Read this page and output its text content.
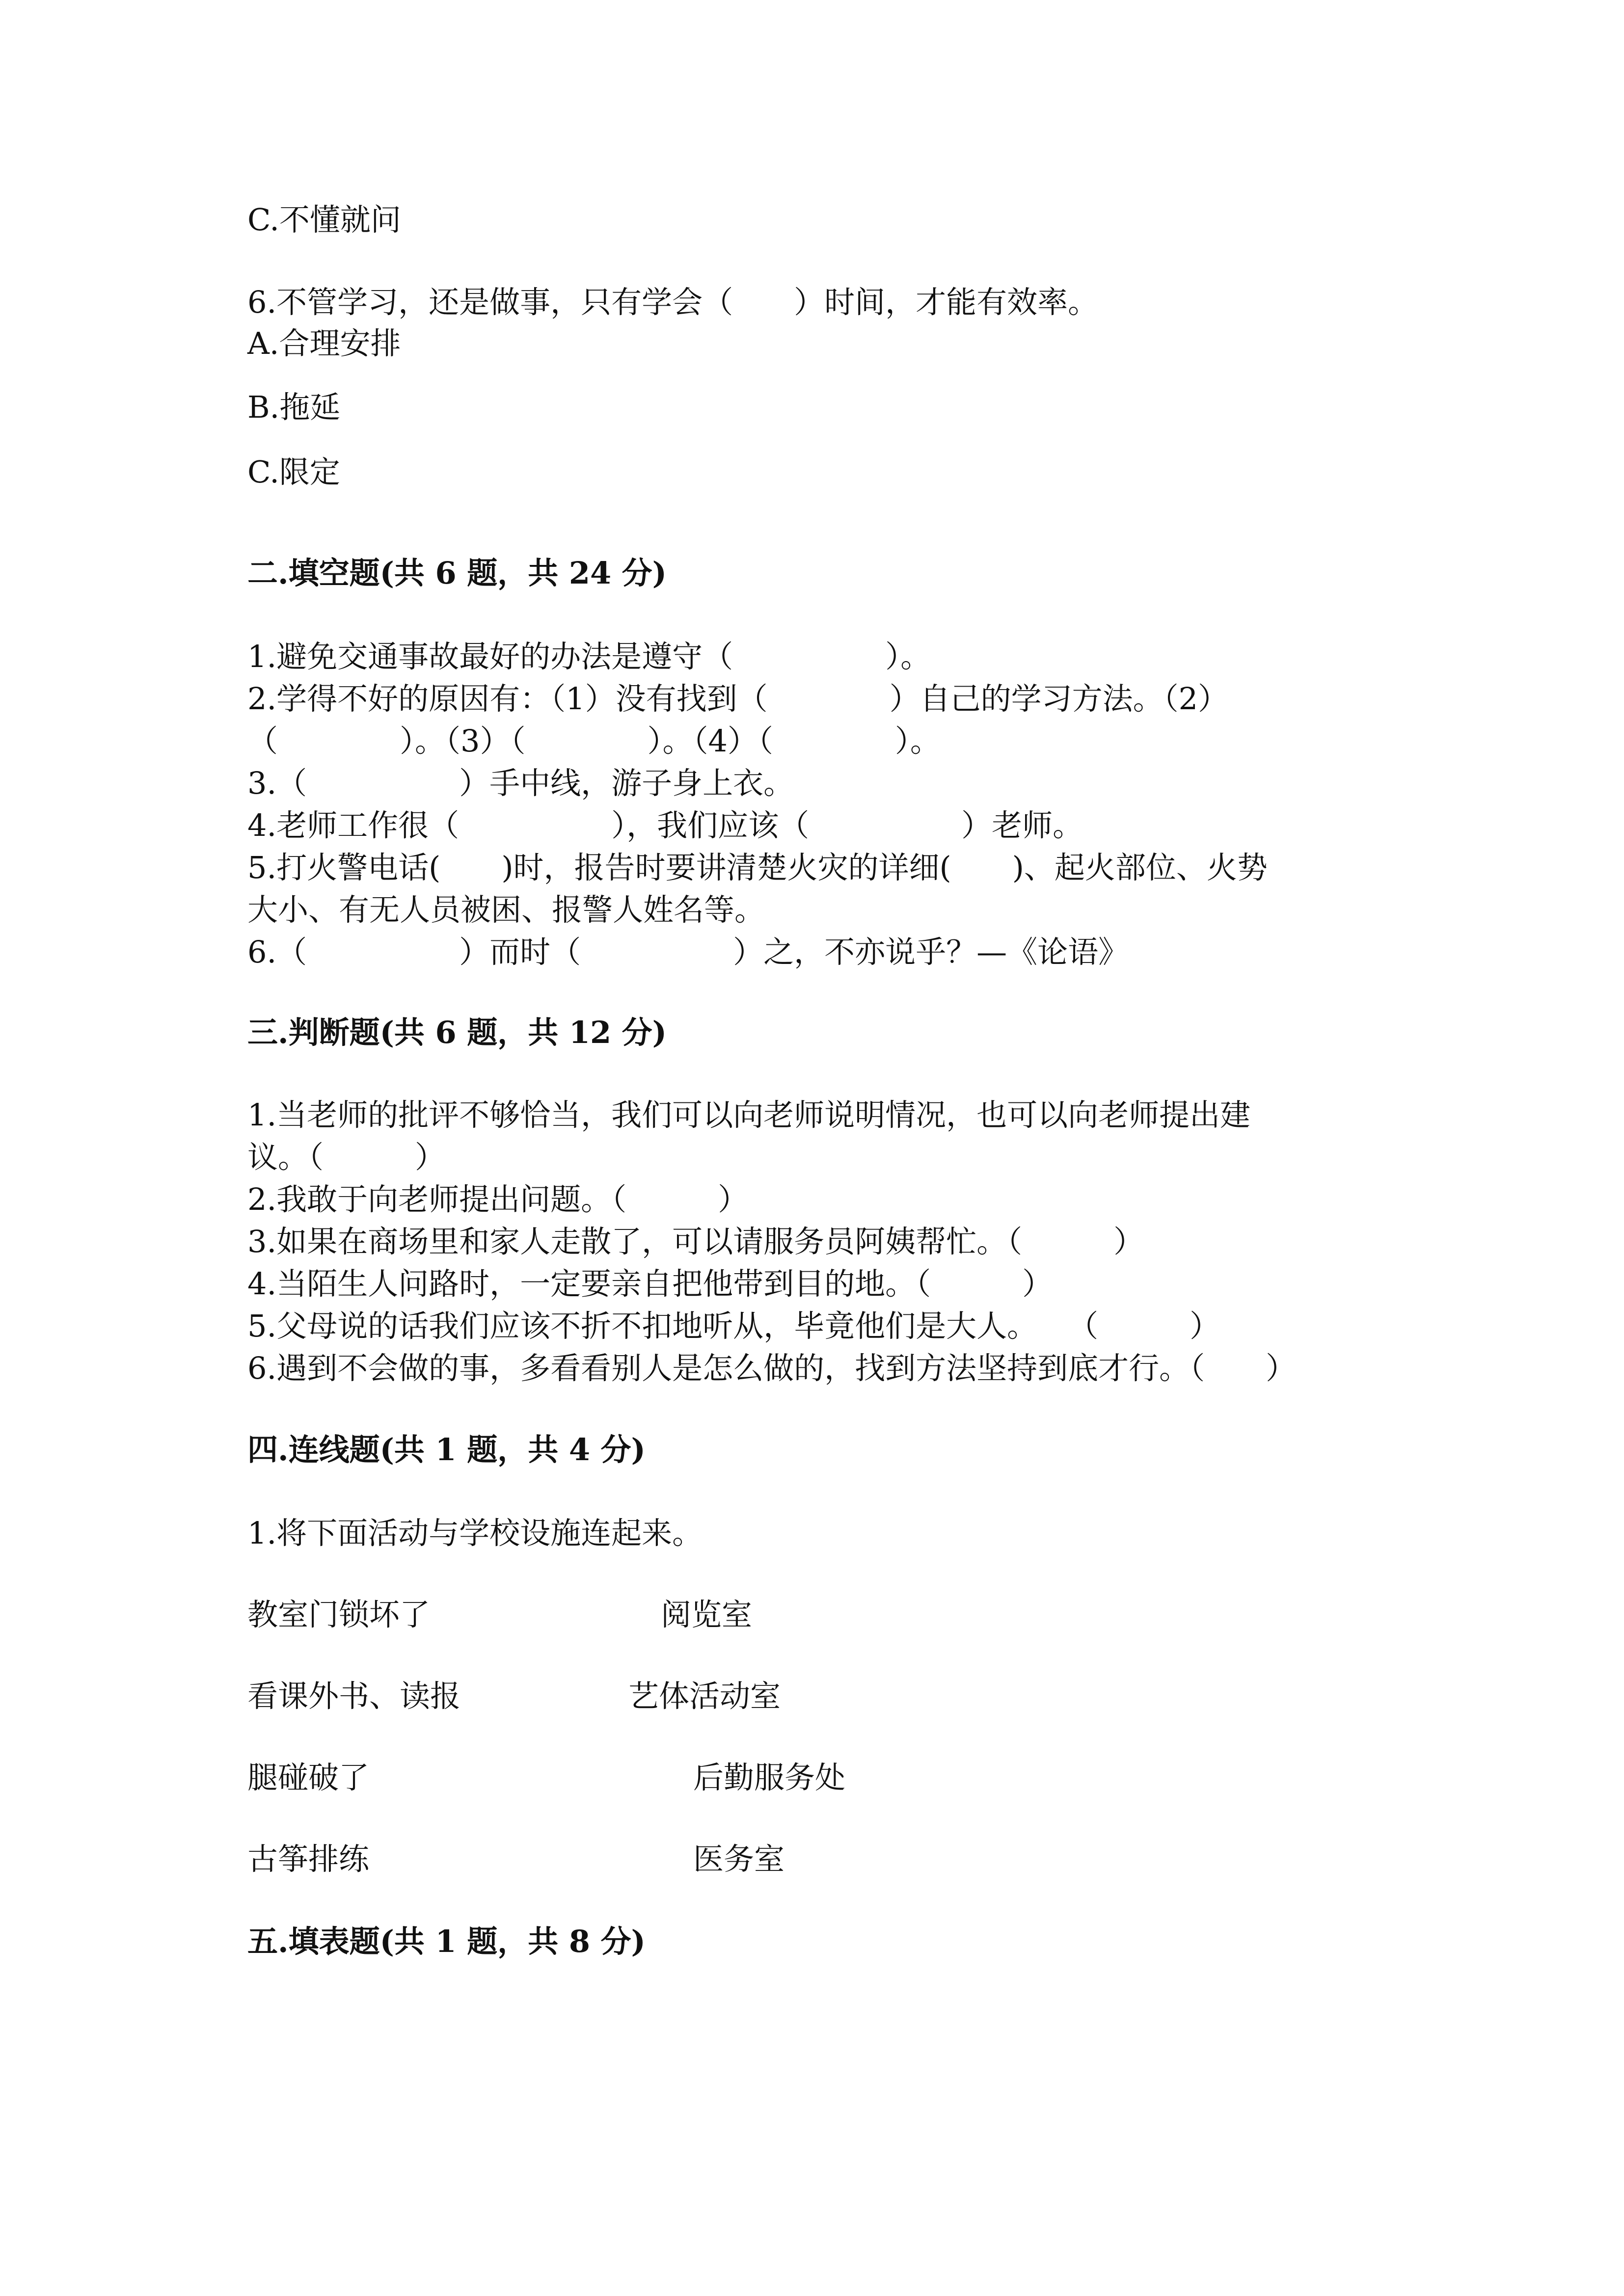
C.不懂就问
6.不管学习，还是做事，只有学会（　　）时间，才能有效率。
A.合理安排
B.拖延
C.限定
二.填空题(共 6 题，共 24 分)
1.避免交通事故最好的办法是遵守（　　　　　）。
2.学得不好的原因有：（1）没有找到（　　　　）自己的学习方法。（2）
（　　　　）。（3）（　　　　）。（4）（　　　　）。
3.（　　　　　）手中线，游子身上衣。
4.老师工作很（　　　　　），我们应该（　　　　　）老师。
5.打火警电话(　　)时，报告时要讲清楚火灾的详细(　　)、起火部位、火势
大小、有无人员被困、报警人姓名等。
6.（　　　　　）而时（　　　　　）之，不亦说乎？—《论语》
三.判断题(共 6 题，共 12 分)
1.当老师的批评不够恰当，我们可以向老师说明情况，也可以向老师提出建
议。（　　　）
2.我敢于向老师提出问题。（　　　）
3.如果在商场里和家人走散了，可以请服务员阿姨帮忙。（　　　）
4.当陌生人问路时，一定要亲自把他带到目的地。（　　　）
5.父母说的话我们应该不折不扣地听从，毕竟他们是大人。　　（　　　）
6.遇到不会做的事，多看看别人是怎么做的，找到方法坚持到底才行。（　　）
四.连线题(共 1 题，共 4 分)
1.将下面活动与学校设施连起来。
教室门锁坏了	阅览室
看课外书、读报	艺体活动室
腿碰破了	后勤服务处
古筝排练	医务室
五.填表题(共 1 题，共 8 分)
